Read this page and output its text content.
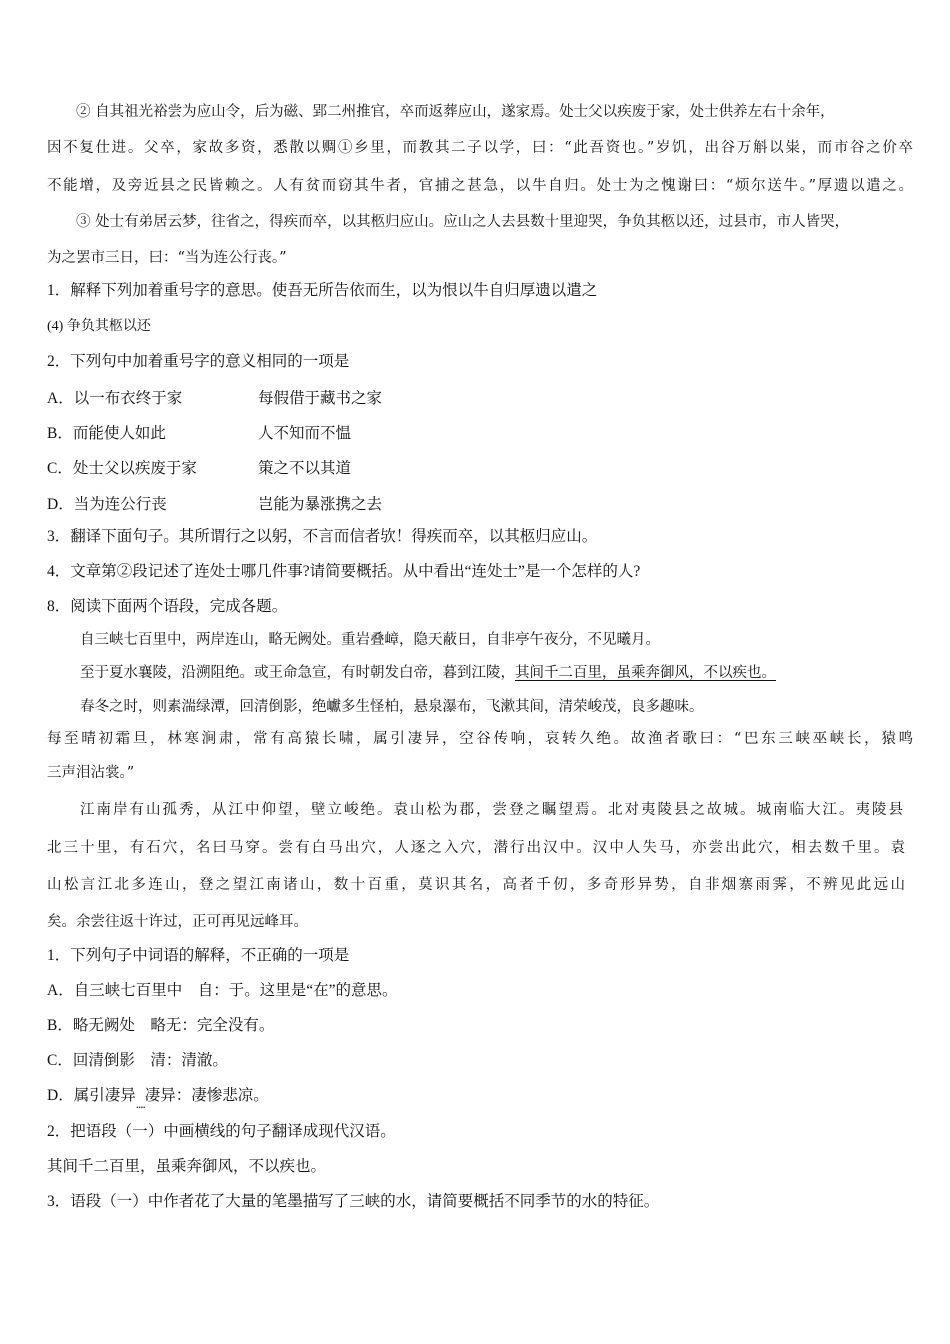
② 自其祖光裕尝为应山令，后为磁、郢二州推官，卒而返葬应山，遂家焉。处士父以疾废于家，处士供养左右十余年，
因不复仕进。父卒，家故多资，悉散以赒①乡里，而教其二子以学，曰：“此吾资也。”岁饥，出谷万斛以粜，而市谷之价卒
不能增，及旁近县之民皆赖之。人有贫而窃其牛者，官捕之甚急，以牛自归。处士为之愧谢曰：“烦尔送牛。”厚遗以遣之。
③ 处士有弟居云梦，往省之，得疾而卒，以其柩归应山。应山之人去县数十里迎哭，争负其柩以还，过县市，市人皆哭，
为之罢市三日，曰：“当为连公行丧。”
1．解释下列加着重号字的意思。使吾无所告依而生，以为恨以牛自归厚遗以遣之
(4) 争负其柩以还
2．下列句中加着重号字的意义相同的一项是
A．以一布衣终于家	每假借于藏书之家
B．而能使人如此	人不知而不愠
C．处士父以疾废于家	策之不以其道
D．当为连公行丧	岂能为暴涨携之去
3．翻译下面句子。其所谓行之以躬，不言而信者欤！得疾而卒，以其柩归应山。
4．文章第②段记述了连处士哪几件事?请简要概括。从中看出“连处士”是一个怎样的人?
8．阅读下面两个语段，完成各题。
自三峡七百里中，两岸连山，略无阙处。重岩叠嶂，隐天蔽日，自非亭午夜分，不见曦月。
至于夏水襄陵，沿溯阻绝。或王命急宣，有时朝发白帝，暮到江陵，其间千二百里，虽乘奔御风，不以疾也。
春冬之时，则素湍绿潭，回清倒影，绝巘多生怪柏，悬泉瀑布，飞漱其间，清荣峻茂，良多趣味。
每至晴初霜旦，林寒涧肃，常有高猿长啸，属引凄异，空谷传响，哀转久绝。故渔者歌曰：“巴东三峡巫峡长，猿鸣
三声泪沾裳。”
江南岸有山孤秀，从江中仰望，壁立峻绝。袁山松为郡，尝登之瞩望焉。北对夷陵县之故城。城南临大江。夷陵县
北三十里，有石穴，名曰马穿。尝有白马出穴，人逐之入穴，潜行出汉中。汉中人失马，亦尝出此穴，相去数千里。袁
山松言江北多连山，登之望江南诸山，数十百重，莫识其名，高者千仞，多奇形异势，自非烟寨雨霁，不辨见此远山
矣。余尝往返十许过，正可再见远峰耳。
1．下列句子中词语的解释，不正确的一项是
A．自三峡七百里中　自：于。这里是“在”的意思。
B．略无阙处　略无：完全没有。
C．回清倒影　清：清澈。
D．属引凄异$_{....}$凄异：凄惨悲凉。
2．把语段（一）中画横线的句子翻译成现代汉语。
其间千二百里，虽乘奔御风，不以疾也。
3．语段（一）中作者花了大量的笔墨描写了三峡的水，请简要概括不同季节的水的特征。
